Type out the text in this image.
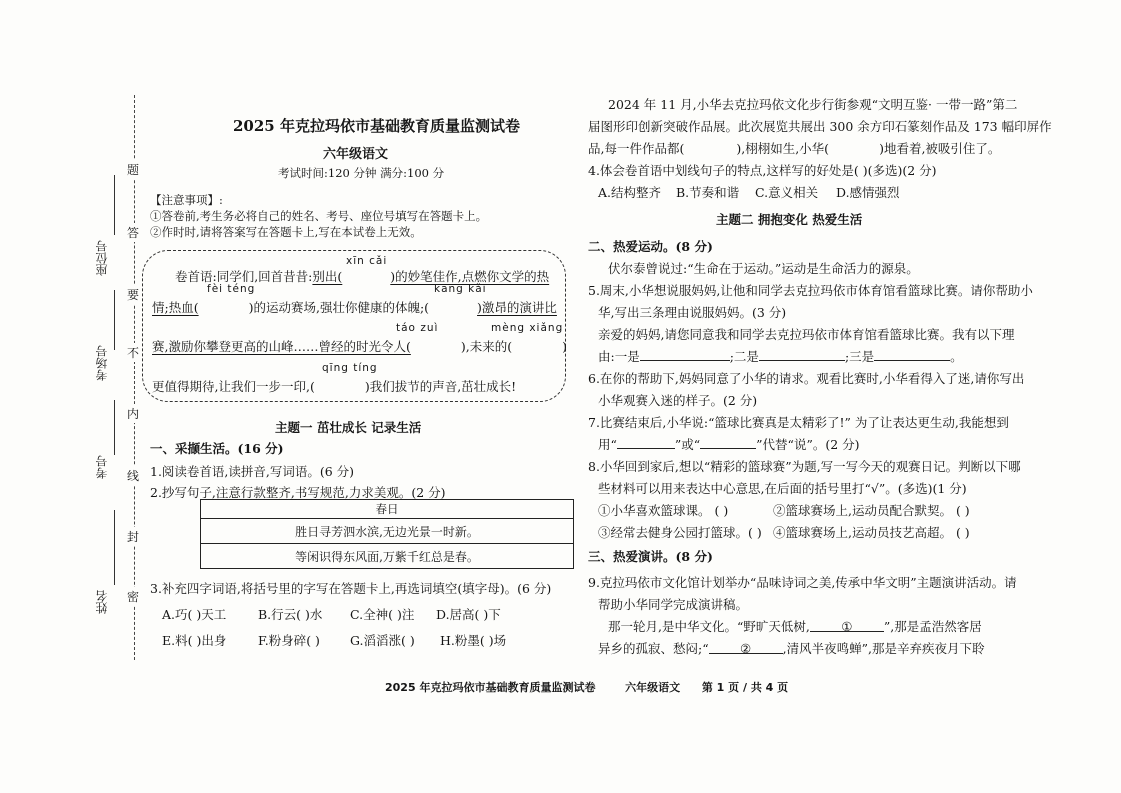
题
答
要
不
内
线
封
密
座位号
考场号
考号
姓名
2025 年克拉玛依市基础教育质量监测试卷
六年级语文
考试时间:120 分钟 满分:100 分
【注意事项】:
①答卷前,考生务必将自己的姓名、考号、座位号填写在答题卡上。
②作时时,请将答案写在答题卡上,写在本试卷上无效。
xīn cǎi
卷首语:同学们,回首昔昔:别出(	)的妙笔佳作,点燃你文学的热
fèi téng	kāng kǎi
情;热血(	)的运动赛场,强壮你健康的体魄;(	)激昂的演讲比
táo zuì	mèng xiǎng
赛,激励你攀登更高的山峰……曾经的时光令人(	),未来的(	)
qīng tíng
更值得期待,让我们一步一印,(	)我们拔节的声音,茁壮成长!
主题一 茁壮成长 记录生活
一、采撷生活。(16 分)
1.阅读卷首语,读拼音,写词语。(6 分)
2.抄写句子,注意行款整齐,书写规范,力求美观。(2 分)
春日
胜日寻芳泗水滨,无边光景一时新。
等闲识得东风面,万紫千红总是春。
3.补充四字词语,将括号里的字写在答题卡上,再选词填空(填字母)。(6 分)
A.巧( )天工	B.行云( )水 C.全神( )注 D.居高( )下
E.料( )出身	F.粉身碎( ) G.滔滔涨( ) H.粉墨( )场
2024 年 11 月,小华去克拉玛依文化步行街参观“文明互鉴· 一带一路”第二
届图形印创新突破作品展。此次展览共展出 300 余方印石篆刻作品及 173 幅印屏作
品,每一件作品都(	),栩栩如生,小华(	)地看着,被吸引住了。
4.体会卷首语中划线句子的特点,这样写的好处是( )(多选)(2 分)
A.结构整齐 B.节奏和谐 C.意义相关 D.感情强烈
主题二 拥抱变化 热爱生活
二、热爱运动。(8 分)
伏尔泰曾说过:“生命在于运动。”运动是生命活力的源泉。
5.周末,小华想说服妈妈,让他和同学去克拉玛依市体育馆看篮球比赛。请你帮助小
华,写出三条理由说服妈妈。(3 分)
亲爱的妈妈,请您同意我和同学去克拉玛依市体育馆看篮球比赛。我有以下理
由:一是	;二是	;三是	。
6.在你的帮助下,妈妈同意了小华的请求。观看比赛时,小华看得入了迷,请你写出
小华观赛入迷的样子。(2 分)
7.比赛结束后,小华说:“篮球比赛真是太精彩了!” 为了让表达更生动,我能想到
用“	”或“	”代替“说”。(2 分)
8.小华回到家后,想以“精彩的篮球赛”为题,写一写今天的观赛日记。判断以下哪
些材料可以用来表达中心意思,在后面的括号里打“√”。(多选)(1 分)
①小华喜欢篮球课。 ( )	②篮球赛场上,运动员配合默契。 ( )
③经常去健身公园打篮球。( ) ④篮球赛场上,运动员技艺高超。 ( )
三、热爱演讲。(8 分)
9.克拉玛依市文化馆计划举办“品味诗词之美,传承中华文明”主题演讲活动。请
帮助小华同学完成演讲稿。
那一轮月,是中华文化。“野旷天低树,	①	”,那是孟浩然客居
异乡的孤寂、愁闷;“	②	,清风半夜鸣蝉”,那是辛弃疾夜月下聆
2025 年克拉玛依市基础教育质量监测试卷	六年级语文 第 1 页 / 共 4 页
